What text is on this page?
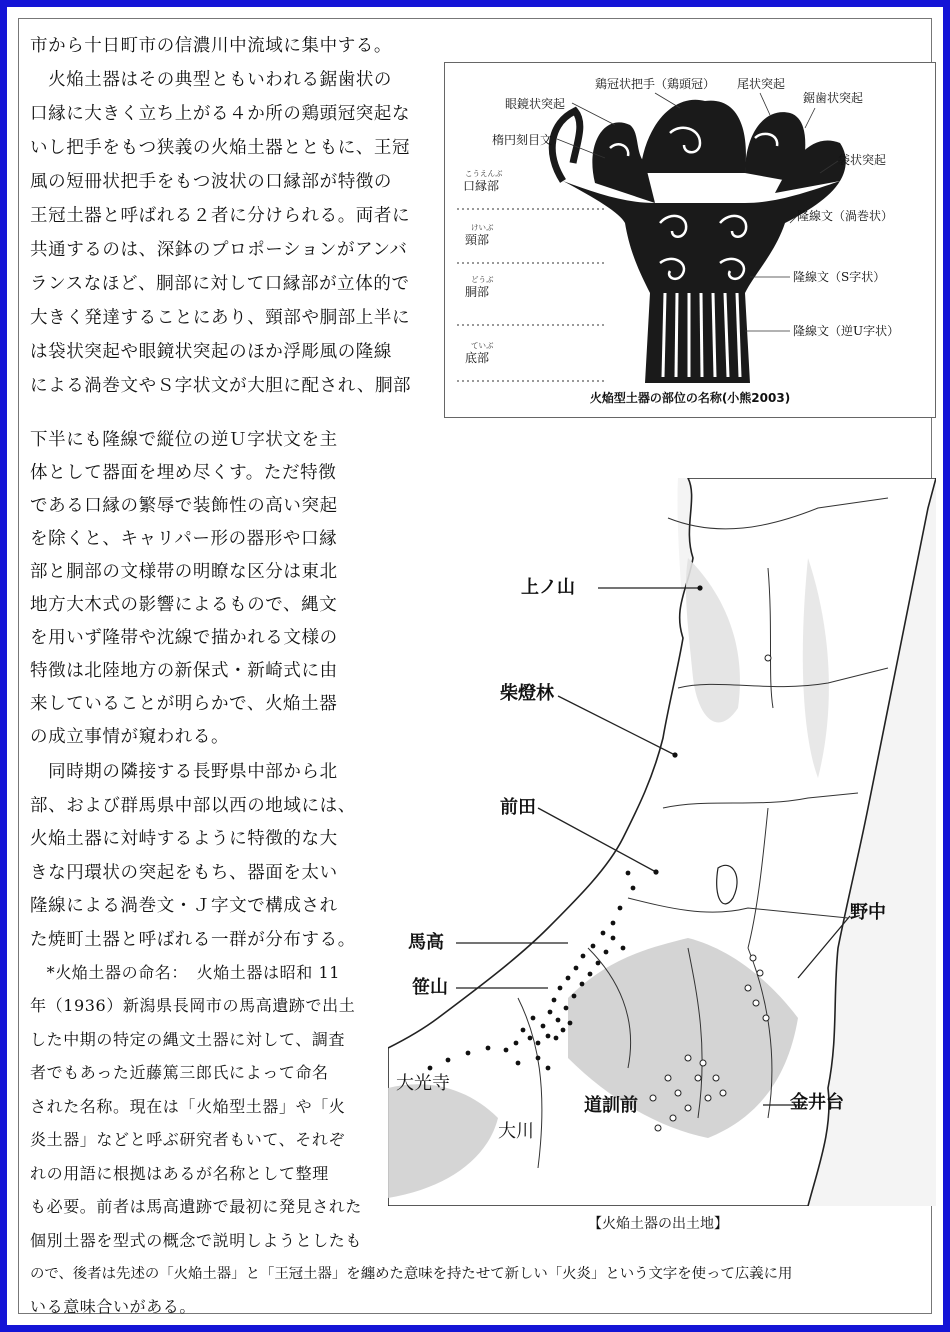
市から十日町市の信濃川中流域に集中する。
　火焔土器はその典型ともいわれる鋸歯状の
口縁に大きく立ち上がる４か所の鶏頭冠突起な
いし把手をもつ狭義の火焔土器とともに、王冠
風の短冊状把手をもつ波状の口縁部が特徴の
王冠土器と呼ばれる２者に分けられる。両者に
共通するのは、深鉢のプロポーションがアンバ
ランスなほど、胴部に対して口縁部が立体的で
大きく発達することにあり、頸部や胴部上半に
は袋状突起や眼鏡状突起のほか浮彫風の隆線
による渦巻文やＳ字状文が大胆に配され、胴部
下半にも隆線で縦位の逆Ｕ字状文を主
体として器面を埋め尽くす。ただ特徴
である口縁の繁辱で装飾性の高い突起
を除くと、キャリパー形の器形や口縁
部と胴部の文様帯の明瞭な区分は東北
地方大木式の影響によるもので、縄文
を用いず隆帯や沈線で描かれる文様の
特徴は北陸地方の新保式・新崎式に由
来していることが明らかで、火焔土器
の成立事情が窺われる。
　同時期の隣接する長野県中部から北
部、および群馬県中部以西の地域には、
火焔土器に対峙するように特徴的な大
きな円環状の突起をもち、器面を太い
隆線による渦巻文・Ｊ字文で構成され
た焼町土器と呼ばれる一群が分布する。
　*火焔土器の命名：　火焔土器は昭和 11
年（1936）新潟県長岡市の馬高遺跡で出土
した中期の特定の縄文土器に対して、調査
者でもあった近藤篤三郎氏によって命名
された名称。現在は「火焔型土器」や「火
炎土器」などと呼ぶ研究者もいて、それぞ
れの用語に根拠はあるが名称として整理
も必要。前者は馬高遺跡で最初に発見された
個別土器を型式の概念で説明しようとしたも
ので、後者は先述の「火焔土器」と「王冠土器」を纏めた意味を持たせて新しい「火炎」という文字を使って広義に用
いる意味合いがある。
鶏冠状把手（鶏頭冠） 尾状突起
鋸歯状突起
眼鏡状突起
楕円刻目文
袋状突起
こうえんぶ
口縁部
けいぶ
頸部
どうぶ
胴部
ていぶ
底部
隆線文（渦巻状）
隆線文（S字状）
隆線文（逆U字状）
火焔型土器の部位の名称(小熊2003)
上ノ山
柴燈林
前田
野中
馬高
笹山
大光寺
道訓前	金井台
大川
【火焔土器の出土地】
